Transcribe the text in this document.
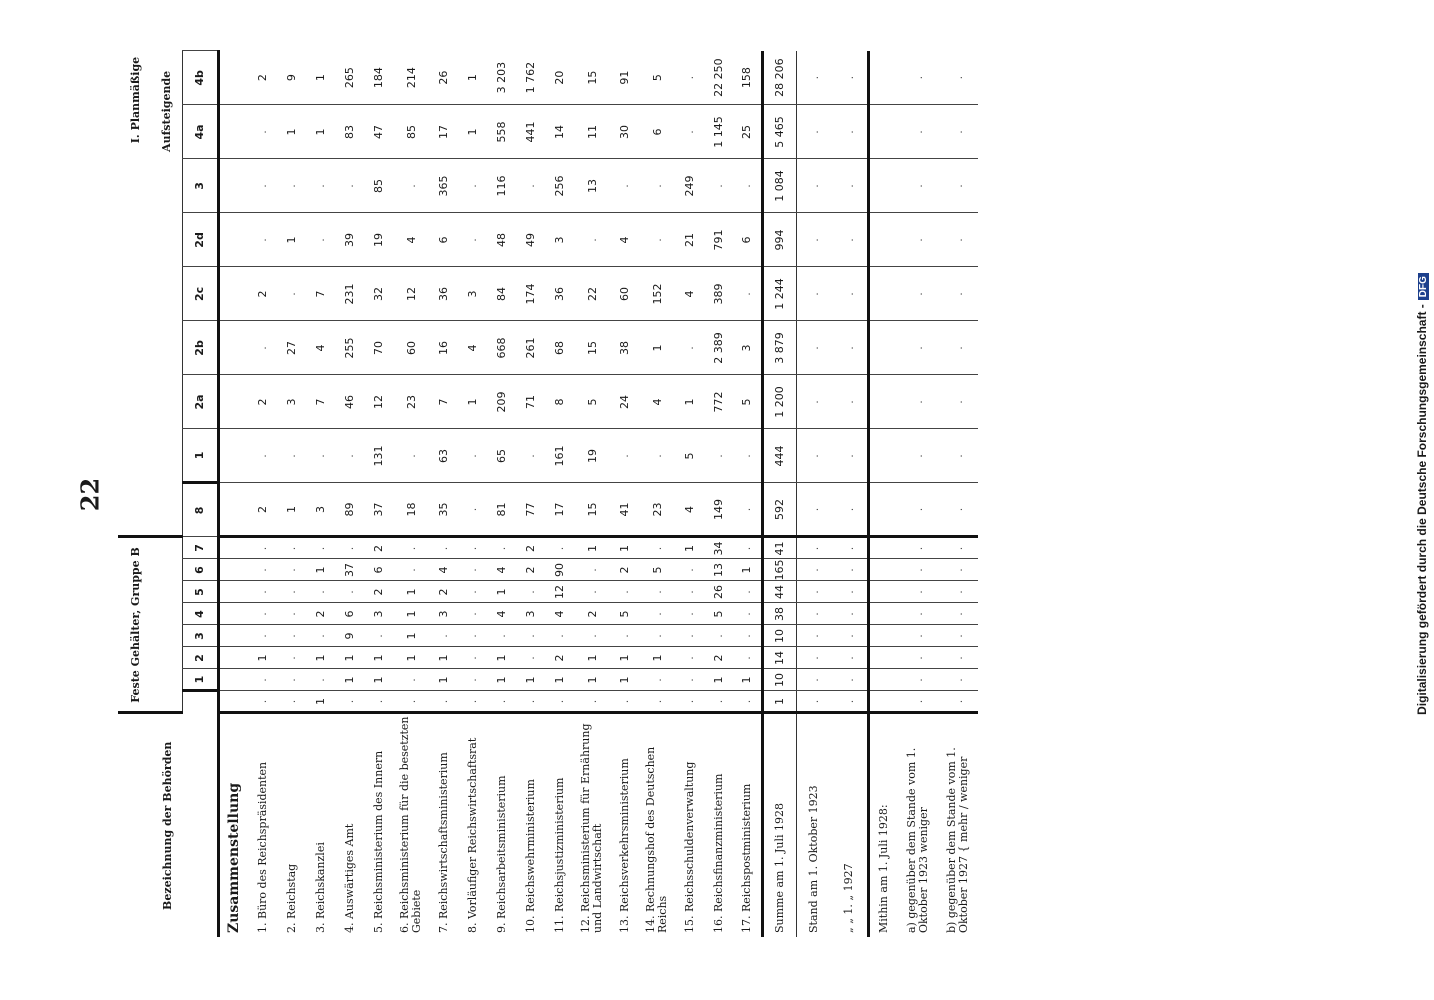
22	Digitalisierung gefördert durch die Deutsche Forschungsgemeinschaft -DFG
Bezeichnung der Behörden	Feste Gehälter, Gruppe B								I. Planmäßige									
									Aufsteigende									
		1	2	3	4	5	6	7	8	1	2a	2b	2c	2d	3	4a	4b	
Zusammenstellung																		
1. Büro des Reichspräsidenten	.	.	1	.	.	.	.	.	2	.	2	.	2	.	.	.	2	
2. Reichstag	.	.	.	.	.	.	.	.	1	.	3	27	.	1	.	1	9	
3. Reichskanzlei	1	.	1	.	2	.	1	.	3	.	7	4	7	.	.	1	1	
4. Auswärtiges Amt	.	1	1	9	6	.	37	.	89	.	46	255	231	39	.	83	265	
5. Reichsministerium des Innern	.	1	1	.	3	2	6	2	37	131	12	70	32	19	85	47	184	
6. Reichsministerium für die besetzten Gebiete	.	.	1	1	1	1	.	.	18	.	23	60	12	4	.	85	214	
7. Reichswirtschaftsministerium	.	1	1	.	3	2	4	.	35	63	7	16	36	6	365	17	26	
8. Vorläufiger Reichswirtschaftsrat	.	.	.	.	.	.	.	.	.	.	1	4	3	.	.	1	1	
9. Reichsarbeitsministerium	.	1	1	.	4	1	4	.	81	65	209	668	84	48	116	558	3 203	
10. Reichswehrministerium	.	1	.	.	3	.	2	2	77	.	71	261	174	49	.	441	1 762	
11. Reichsjustizministerium	.	1	2	.	4	12	90	.	17	161	8	68	36	3	256	14	20	
12. Reichsministerium für Ernährung und Landwirtschaft	.	1	1	.	2	.	.	1	15	19	5	15	22	.	13	11	15	
13. Reichsverkehrsministerium	.	1	1	.	5	.	2	1	41	.	24	38	60	4	.	30	91	
14. Rechnungshof des Deutschen Reichs	.	.	1	.	.	.	5	.	23	.	4	1	152	.	.	6	5	
15. Reichsschuldenverwaltung	.	.	.	.	.	.	.	1	4	5	1	.	4	21	249	.	.	
16. Reichsfinanzministerium	.	1	2	.	5	26	13	34	149	.	772	2 389	389	791	.	1 145	22 250	
17. Reichspostministerium	.	1	.	.	.	.	1	.	.	.	5	3	.	6	.	25	158	
Summe am 1. Juli 1928	1	10	14	10	38	44	165	41	592	444	1 200	3 879	1 244	994	1 084	5 465	28 206	
Stand am 1. Oktober 1923	.	.	.	.	.	.	.	.	.	.	.	.	.	.	.	.	.	
„ „ 1. „ 1927	.	.	.	.	.	.	.	.	.	.	.	.	.	.	.	.	.	
Mithin am 1. Juli 1928:																		
a) gegenüber dem Stande vom 1. Oktober 1923 weniger	.	.	.	.	.	.	.	.	.	.	.	.	.	.	.	.	.	
b) gegenüber dem Stande vom 1. Oktober 1927 { mehr / weniger	.	.	.	.	.	.	.	.	.	.	.	.	.	.	.	.	.	
